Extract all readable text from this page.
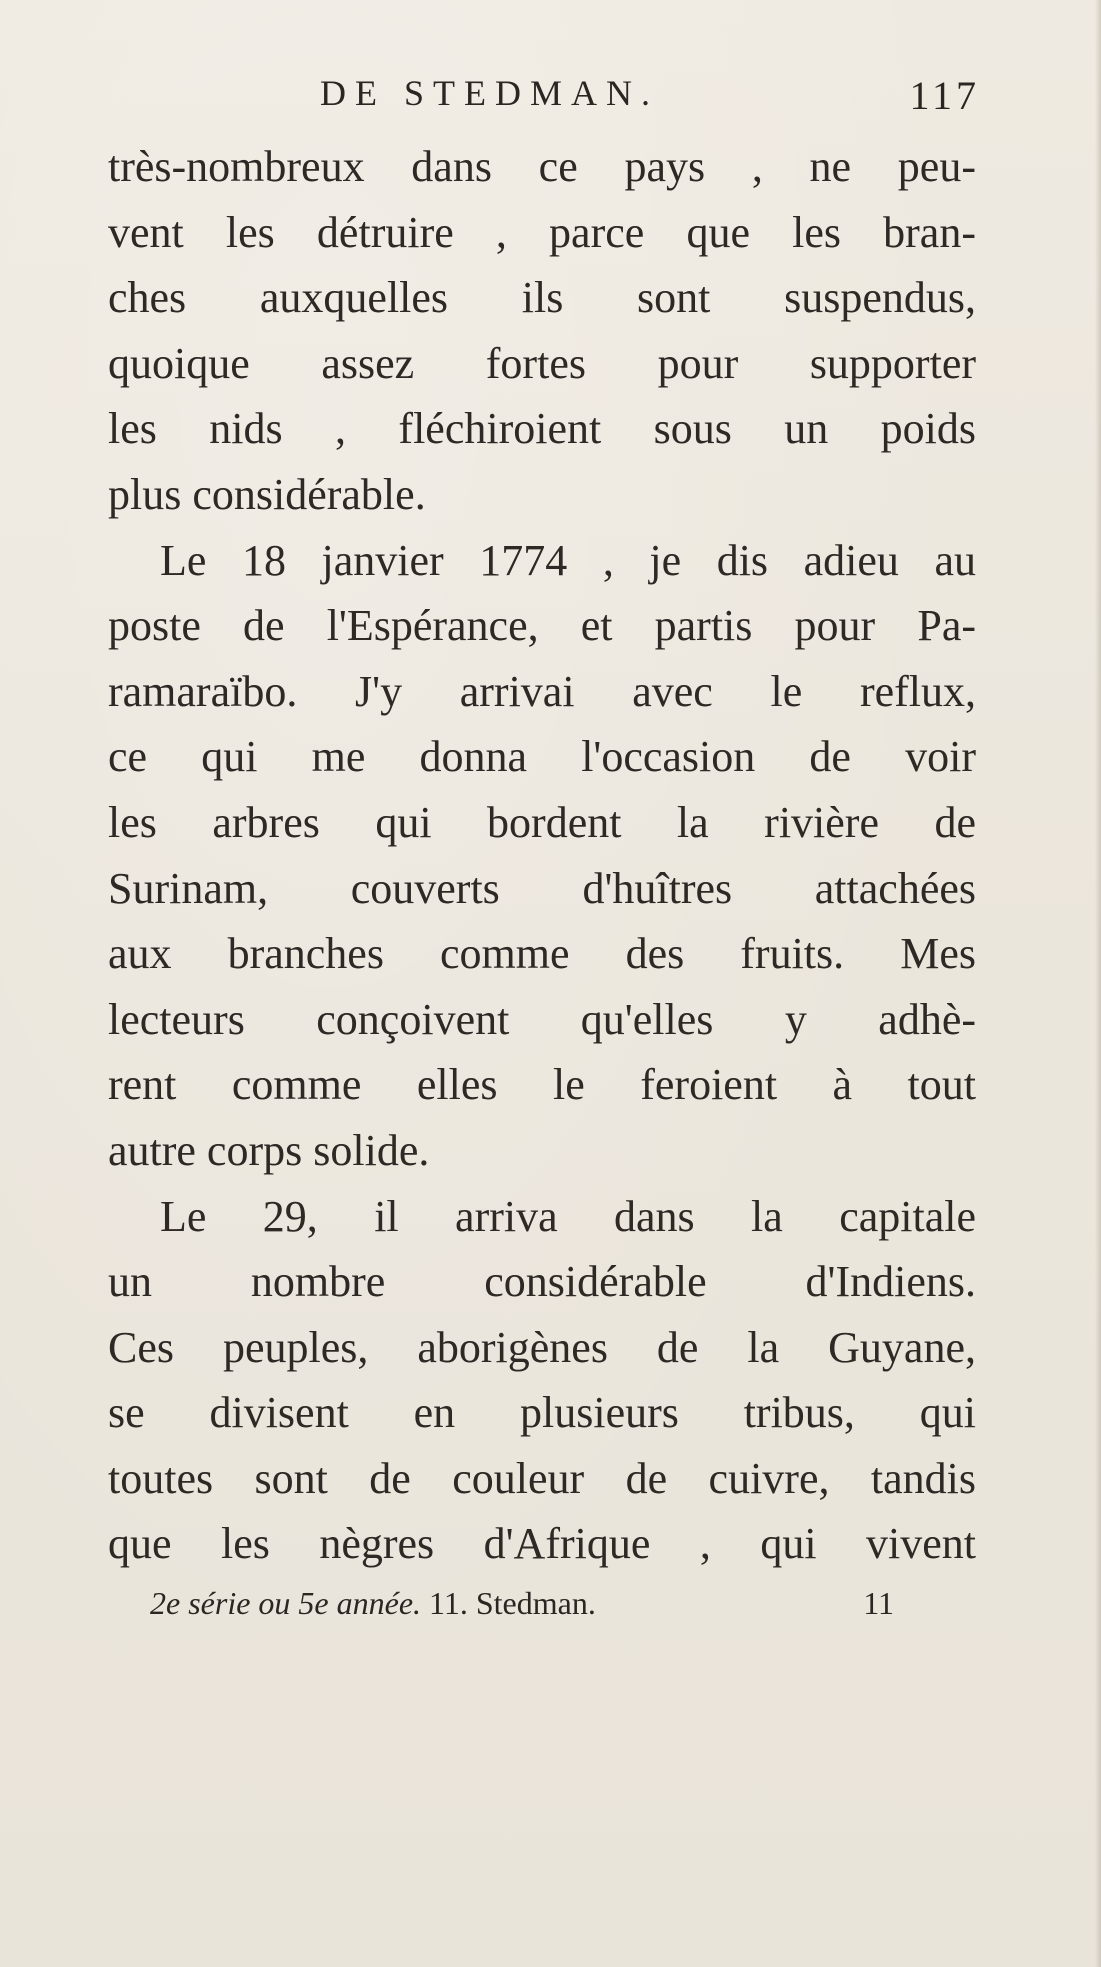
DE STEDMAN.	117
très-nombreux dans ce pays , ne peu-
vent les détruire , parce que les bran-
ches auxquelles ils sont suspendus,
quoique assez fortes pour supporter
les nids , fléchiroient sous un poids
plus considérable.
Le 18 janvier 1774 , je dis adieu au
poste de l'Espérance, et partis pour Pa-
ramaraïbo. J'y arrivai avec le reflux,
ce qui me donna l'occasion de voir
les arbres qui bordent la rivière de
Surinam, couverts d'huîtres attachées
aux branches comme des fruits. Mes
lecteurs conçoivent qu'elles y adhè-
rent comme elles le feroient à tout
autre corps solide.
Le 29, il arriva dans la capitale
un nombre considérable d'Indiens.
Ces peuples, aborigènes de la Guyane,
se divisent en plusieurs tribus, qui
toutes sont de couleur de cuivre, tandis
que les nègres d'Afrique , qui vivent
2e série ou 5e année. 11. Stedman.	11
